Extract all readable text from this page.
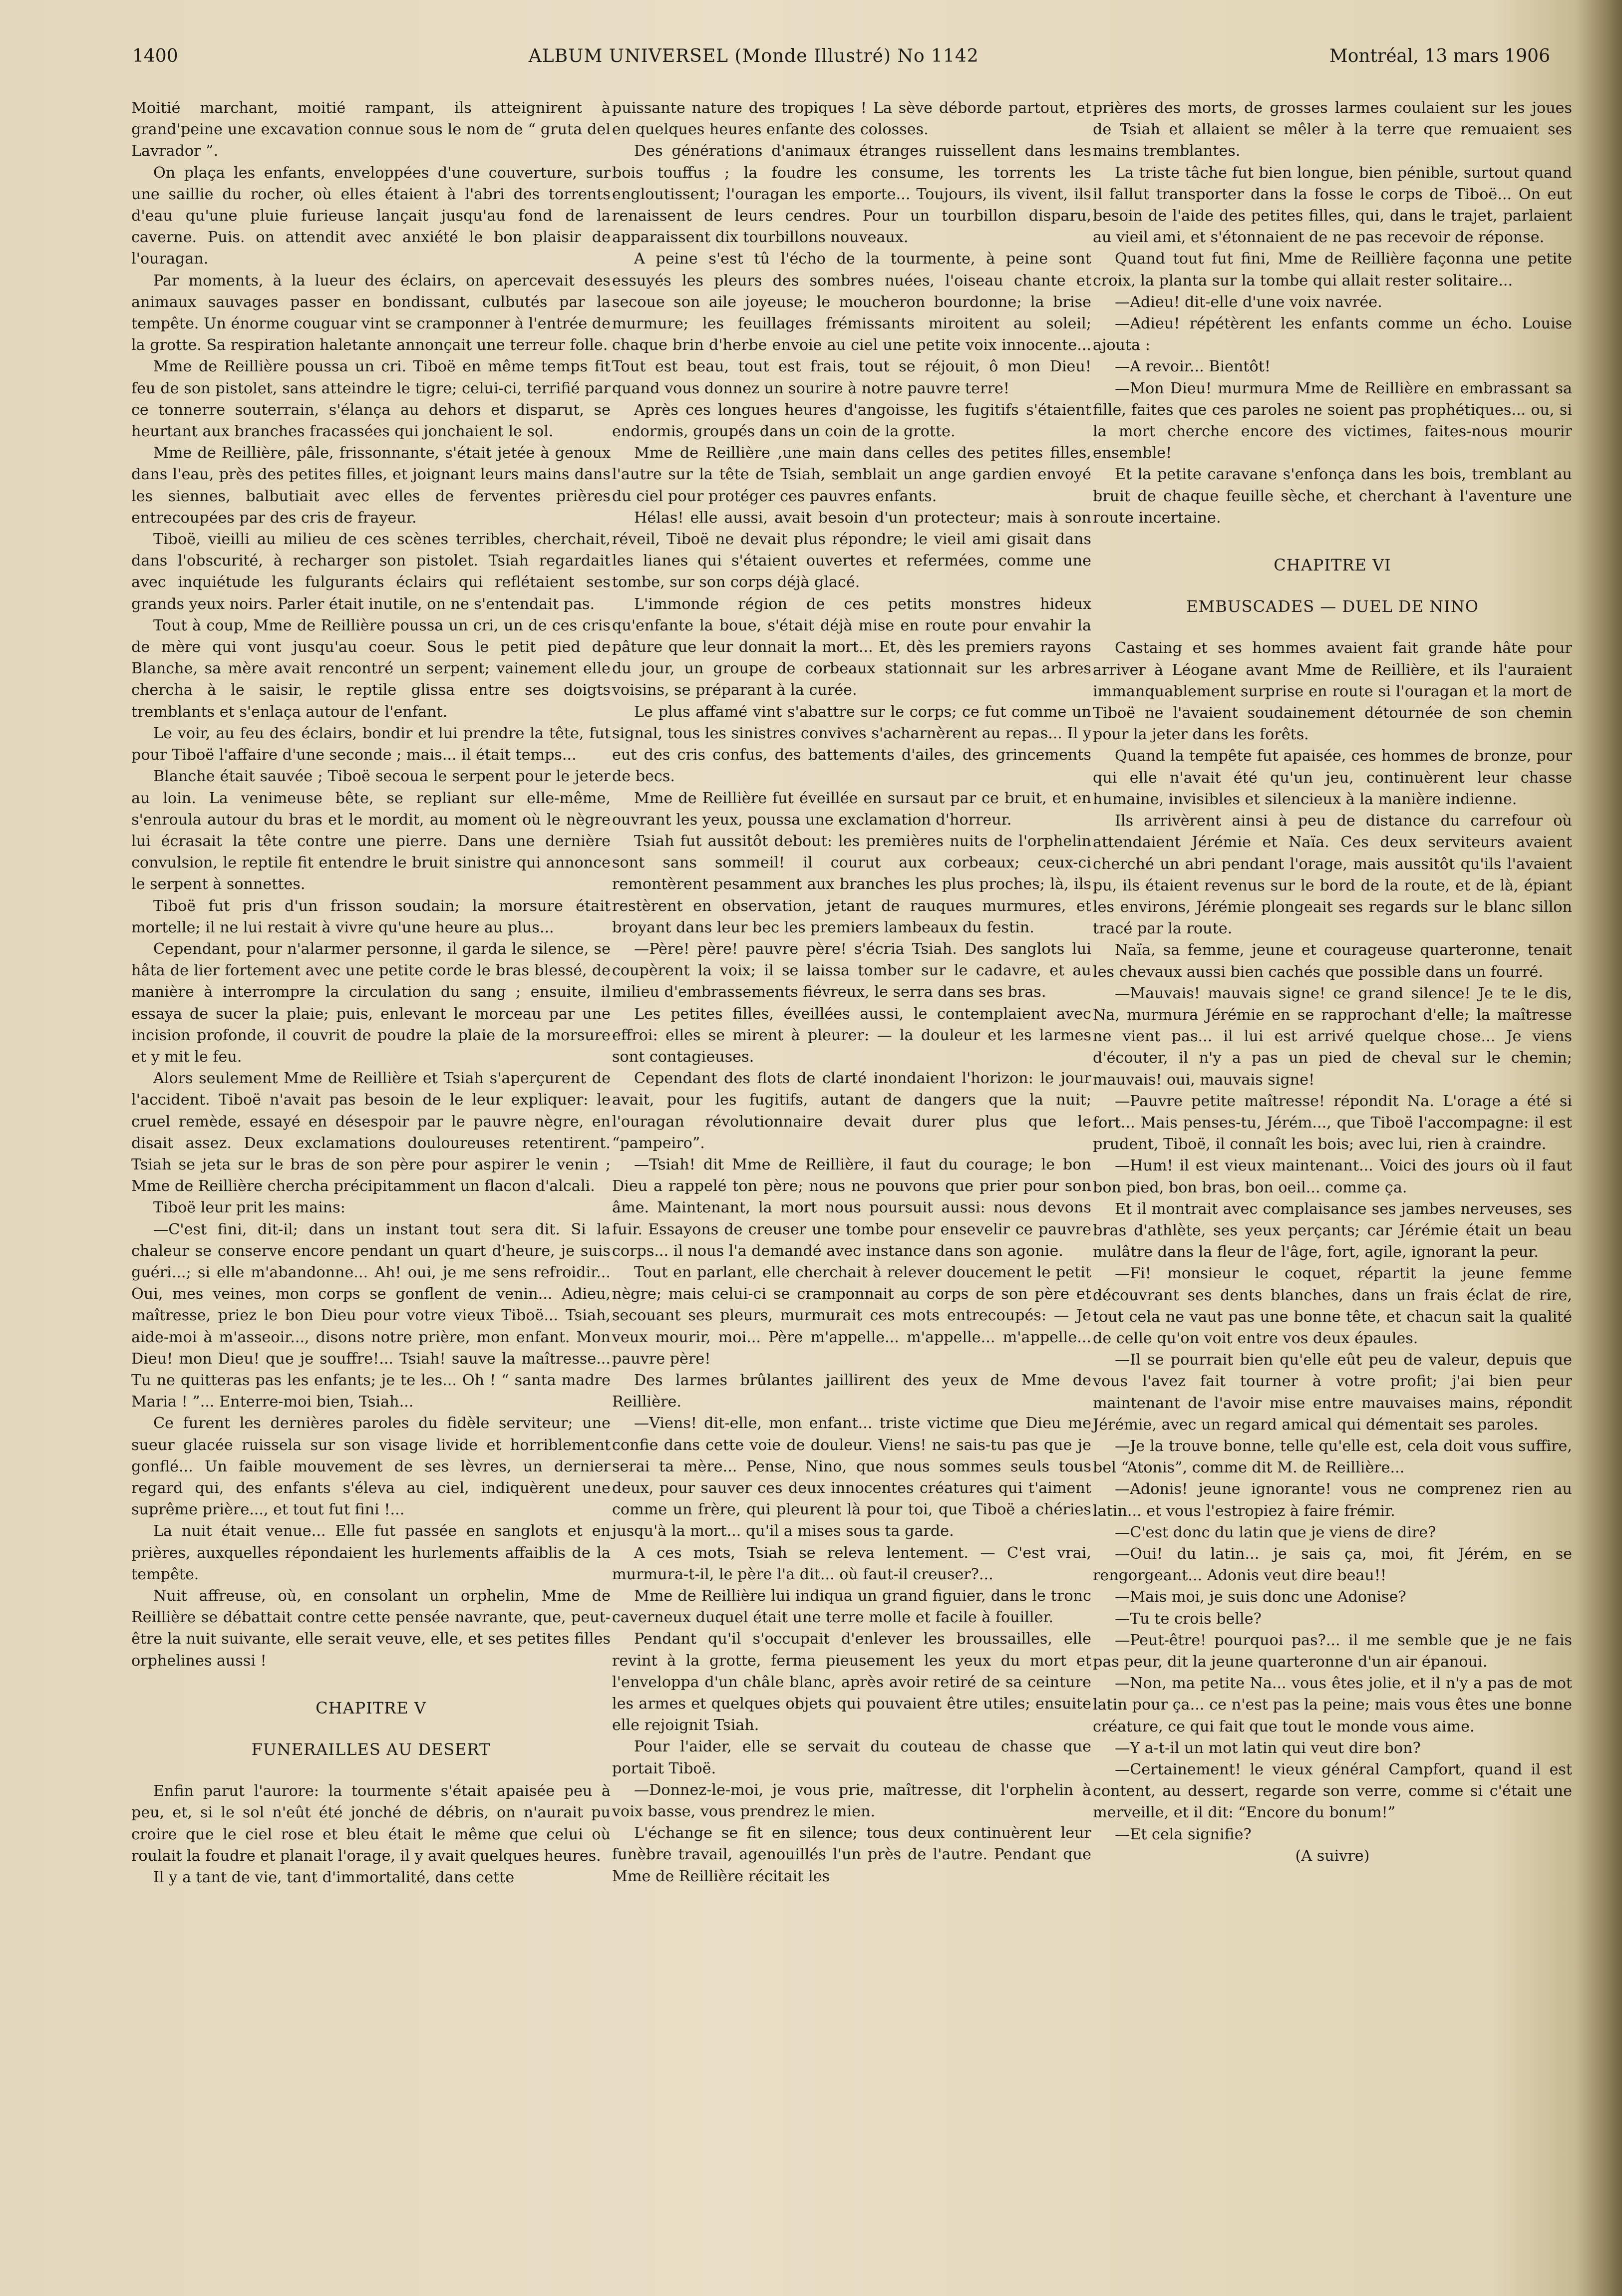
1400	ALBUM UNIVERSEL (Monde Illustré) No 1142	Montréal, 13 mars 1906

Moitié marchant, moitié rampant, ils atteignirent à grand'peine une excavation connue sous le nom de “ gruta del Lavrador ”.

On plaça les enfants, enveloppées d'une couverture, sur une saillie du rocher, où elles étaient à l'abri des torrents d'eau qu'une pluie furieuse lançait jusqu'au fond de la caverne. Puis. on attendit avec anxiété le bon plaisir de l'ouragan.

Par moments, à la lueur des éclairs, on apercevait des animaux sauvages passer en bondissant, culbutés par la tempête. Un énorme couguar vint se cramponner à l'entrée de la grotte. Sa respiration haletante annonçait une terreur folle.

Mme de Reillière poussa un cri. Tiboë en même temps fit feu de son pistolet, sans atteindre le tigre; celui-ci, terrifié par ce tonnerre souterrain, s'élança au dehors et disparut, se heurtant aux branches fracassées qui jonchaient le sol.

Mme de Reillière, pâle, frissonnante, s'était jetée à genoux dans l'eau, près des petites filles, et joignant leurs mains dans les siennes, balbutiait avec elles de ferventes prières entrecoupées par des cris de frayeur.

Tiboë, vieilli au milieu de ces scènes terribles, cherchait, dans l'obscurité, à recharger son pistolet. Tsiah regardait avec inquiétude les fulgurants éclairs qui reflétaient ses grands yeux noirs. Parler était inutile, on ne s'entendait pas.

Tout à coup, Mme de Reillière poussa un cri, un de ces cris de mère qui vont jusqu'au coeur. Sous le petit pied de Blanche, sa mère avait rencontré un serpent; vainement elle chercha à le saisir, le reptile glissa entre ses doigts tremblants et s'enlaça autour de l'enfant.

Le voir, au feu des éclairs, bondir et lui prendre la tête, fut pour Tiboë l'affaire d'une seconde ; mais... il était temps...

Blanche était sauvée ; Tiboë secoua le serpent pour le jeter au loin. La venimeuse bête, se repliant sur elle-même, s'enroula autour du bras et le mordit, au moment où le nègre lui écrasait la tête contre une pierre. Dans une dernière convulsion, le reptile fit entendre le bruit sinistre qui annonce le serpent à sonnettes.

Tiboë fut pris d'un frisson soudain; la morsure était mortelle; il ne lui restait à vivre qu'une heure au plus...

Cependant, pour n'alarmer personne, il garda le silence, se hâta de lier fortement avec une petite corde le bras blessé, de manière à interrompre la circulation du sang ; ensuite, il essaya de sucer la plaie; puis, enlevant le morceau par une incision profonde, il couvrit de poudre la plaie de la morsure et y mit le feu.

Alors seulement Mme de Reillière et Tsiah s'aperçurent de l'accident. Tiboë n'avait pas besoin de le leur expliquer: le cruel remède, essayé en désespoir par le pauvre nègre, en disait assez. Deux exclamations douloureuses retentirent. Tsiah se jeta sur le bras de son père pour aspirer le venin ; Mme de Reillière chercha précipitamment un flacon d'alcali.

Tiboë leur prit les mains:

—C'est fini, dit-il; dans un instant tout sera dit. Si la chaleur se conserve encore pendant un quart d'heure, je suis guéri...; si elle m'abandonne... Ah! oui, je me sens refroidir... Oui, mes veines, mon corps se gonflent de venin... Adieu, maîtresse, priez le bon Dieu pour votre vieux Tiboë... Tsiah, aide-moi à m'asseoir..., disons notre prière, mon enfant. Mon Dieu! mon Dieu! que je souffre!... Tsiah! sauve la maîtresse... Tu ne quitteras pas les enfants; je te les... Oh ! “ santa madre Maria ! ”... Enterre-moi bien, Tsiah...

Ce furent les dernières paroles du fidèle serviteur; une sueur glacée ruissela sur son visage livide et horriblement gonflé... Un faible mouvement de ses lèvres, un dernier regard qui, des enfants s'éleva au ciel, indiquèrent une suprême prière..., et tout fut fini !...

La nuit était venue... Elle fut passée en sanglots et en prières, auxquelles répondaient les hurlements affaiblis de la tempête.

Nuit affreuse, où, en consolant un orphelin, Mme de Reillière se débattait contre cette pensée navrante, que, peut-être la nuit suivante, elle serait veuve, elle, et ses petites filles orphelines aussi !

CHAPITRE V
FUNERAILLES AU DESERT

Enfin parut l'aurore: la tourmente s'était apaisée peu à peu, et, si le sol n'eût été jonché de débris, on n'aurait pu croire que le ciel rose et bleu était le même que celui où roulait la foudre et planait l'orage, il y avait quelques heures.

Il y a tant de vie, tant d'immortalité, dans cette

puissante nature des tropiques ! La sève déborde partout, et en quelques heures enfante des colosses.

Des générations d'animaux étranges ruissellent dans les bois touffus ; la foudre les consume, les torrents les engloutissent; l'ouragan les emporte... Toujours, ils vivent, ils renaissent de leurs cendres. Pour un tourbillon disparu, apparaissent dix tourbillons nouveaux.

A peine s'est tû l'écho de la tourmente, à peine sont essuyés les pleurs des sombres nuées, l'oiseau chante et secoue son aile joyeuse; le moucheron bourdonne; la brise murmure; les feuillages frémissants miroitent au soleil; chaque brin d'herbe envoie au ciel une petite voix innocente... Tout est beau, tout est frais, tout se réjouit, ô mon Dieu! quand vous donnez un sourire à notre pauvre terre!

Après ces longues heures d'angoisse, les fugitifs s'étaient endormis, groupés dans un coin de la grotte.

Mme de Reillière ,une main dans celles des petites filles, l'autre sur la tête de Tsiah, semblait un ange gardien envoyé du ciel pour protéger ces pauvres enfants.

Hélas! elle aussi, avait besoin d'un protecteur; mais à son réveil, Tiboë ne devait plus répondre; le vieil ami gisait dans les lianes qui s'étaient ouvertes et refermées, comme une tombe, sur son corps déjà glacé.

L'immonde région de ces petits monstres hideux qu'enfante la boue, s'était déjà mise en route pour envahir la pâture que leur donnait la mort... Et, dès les premiers rayons du jour, un groupe de corbeaux stationnait sur les arbres voisins, se préparant à la curée.

Le plus affamé vint s'abattre sur le corps; ce fut comme un signal, tous les sinistres convives s'acharnèrent au repas... Il y eut des cris confus, des battements d'ailes, des grincements de becs.

Mme de Reillière fut éveillée en sursaut par ce bruit, et en ouvrant les yeux, poussa une exclamation d'horreur.

Tsiah fut aussitôt debout: les premières nuits de l'orphelin sont sans sommeil! il courut aux corbeaux; ceux-ci remontèrent pesamment aux branches les plus proches; là, ils restèrent en observation, jetant de rauques murmures, et broyant dans leur bec les premiers lambeaux du festin.

—Père! père! pauvre père! s'écria Tsiah. Des sanglots lui coupèrent la voix; il se laissa tomber sur le cadavre, et au milieu d'embrassements fiévreux, le serra dans ses bras.

Les petites filles, éveillées aussi, le contemplaient avec effroi: elles se mirent à pleurer: — la douleur et les larmes sont contagieuses.

Cependant des flots de clarté inondaient l'horizon: le jour avait, pour les fugitifs, autant de dangers que la nuit; l'ouragan révolutionnaire devait durer plus que le “pampeiro”.

—Tsiah! dit Mme de Reillière, il faut du courage; le bon Dieu a rappelé ton père; nous ne pouvons que prier pour son âme. Maintenant, la mort nous poursuit aussi: nous devons fuir. Essayons de creuser une tombe pour ensevelir ce pauvre corps... il nous l'a demandé avec instance dans son agonie.

Tout en parlant, elle cherchait à relever doucement le petit nègre; mais celui-ci se cramponnait au corps de son père et secouant ses pleurs, murmurait ces mots entrecoupés: — Je veux mourir, moi... Père m'appelle... m'appelle... m'appelle... pauvre père!

Des larmes brûlantes jaillirent des yeux de Mme de Reillière.

—Viens! dit-elle, mon enfant... triste victime que Dieu me confie dans cette voie de douleur. Viens! ne sais-tu pas que je serai ta mère... Pense, Nino, que nous sommes seuls tous deux, pour sauver ces deux innocentes créatures qui t'aiment comme un frère, qui pleurent là pour toi, que Tiboë a chéries jusqu'à la mort... qu'il a mises sous ta garde.

A ces mots, Tsiah se releva lentement. — C'est vrai, murmura-t-il, le père l'a dit... où faut-il creuser?...

Mme de Reillière lui indiqua un grand figuier, dans le tronc caverneux duquel était une terre molle et facile à fouiller.

Pendant qu'il s'occupait d'enlever les broussailles, elle revint à la grotte, ferma pieusement les yeux du mort et l'enveloppa d'un châle blanc, après avoir retiré de sa ceinture les armes et quelques objets qui pouvaient être utiles; ensuite elle rejoignit Tsiah.

Pour l'aider, elle se servait du couteau de chasse que portait Tiboë.

—Donnez-le-moi, je vous prie, maîtresse, dit l'orphelin à voix basse, vous prendrez le mien.

L'échange se fit en silence; tous deux continuèrent leur funèbre travail, agenouillés l'un près de l'autre. Pendant que Mme de Reillière récitait les

prières des morts, de grosses larmes coulaient sur les joues de Tsiah et allaient se mêler à la terre que remuaient ses mains tremblantes.

La triste tâche fut bien longue, bien pénible, surtout quand il fallut transporter dans la fosse le corps de Tiboë... On eut besoin de l'aide des petites filles, qui, dans le trajet, parlaient au vieil ami, et s'étonnaient de ne pas recevoir de réponse.

Quand tout fut fini, Mme de Reillière façonna une petite croix, la planta sur la tombe qui allait rester solitaire...

—Adieu! dit-elle d'une voix navrée.

—Adieu! répétèrent les enfants comme un écho. Louise ajouta :

—A revoir... Bientôt!

—Mon Dieu! murmura Mme de Reillière en embrassant sa fille, faites que ces paroles ne soient pas prophétiques... ou, si la mort cherche encore des victimes, faites-nous mourir ensemble!

Et la petite caravane s'enfonça dans les bois, tremblant au bruit de chaque feuille sèche, et cherchant à l'aventure une route incertaine.

CHAPITRE VI
EMBUSCADES — DUEL DE NINO

Castaing et ses hommes avaient fait grande hâte pour arriver à Léogane avant Mme de Reillière, et ils l'auraient immanquablement surprise en route si l'ouragan et la mort de Tiboë ne l'avaient soudainement détournée de son chemin pour la jeter dans les forêts.

Quand la tempête fut apaisée, ces hommes de bronze, pour qui elle n'avait été qu'un jeu, continuèrent leur chasse humaine, invisibles et silencieux à la manière indienne.

Ils arrivèrent ainsi à peu de distance du carrefour où attendaient Jérémie et Naïa. Ces deux serviteurs avaient cherché un abri pendant l'orage, mais aussitôt qu'ils l'avaient pu, ils étaient revenus sur le bord de la route, et de là, épiant les environs, Jérémie plongeait ses regards sur le blanc sillon tracé par la route.

Naïa, sa femme, jeune et courageuse quarteronne, tenait les chevaux aussi bien cachés que possible dans un fourré.

—Mauvais! mauvais signe! ce grand silence! Je te le dis, Na, murmura Jérémie en se rapprochant d'elle; la maîtresse ne vient pas... il lui est arrivé quelque chose... Je viens d'écouter, il n'y a pas un pied de cheval sur le chemin; mauvais! oui, mauvais signe!

—Pauvre petite maîtresse! répondit Na. L'orage a été si fort... Mais penses-tu, Jérém..., que Tiboë l'accompagne: il est prudent, Tiboë, il connaît les bois; avec lui, rien à craindre.

—Hum! il est vieux maintenant... Voici des jours où il faut bon pied, bon bras, bon oeil... comme ça.

Et il montrait avec complaisance ses jambes nerveuses, ses bras d'athlète, ses yeux perçants; car Jérémie était un beau mulâtre dans la fleur de l'âge, fort, agile, ignorant la peur.

—Fi! monsieur le coquet, répartit la jeune femme découvrant ses dents blanches, dans un frais éclat de rire, tout cela ne vaut pas une bonne tête, et chacun sait la qualité de celle qu'on voit entre vos deux épaules.

—Il se pourrait bien qu'elle eût peu de valeur, depuis que vous l'avez fait tourner à votre profit; j'ai bien peur maintenant de l'avoir mise entre mauvaises mains, répondit Jérémie, avec un regard amical qui démentait ses paroles.

—Je la trouve bonne, telle qu'elle est, cela doit vous suffire, bel “Atonis”, comme dit M. de Reillière...

—Adonis! jeune ignorante! vous ne comprenez rien au latin... et vous l'estropiez à faire frémir.

—C'est donc du latin que je viens de dire?

—Oui! du latin... je sais ça, moi, fit Jérém, en se rengorgeant... Adonis veut dire beau!!

—Mais moi, je suis donc une Adonise?

—Tu te crois belle?

—Peut-être! pourquoi pas?... il me semble que je ne fais pas peur, dit la jeune quarteronne d'un air épanoui.

—Non, ma petite Na... vous êtes jolie, et il n'y a pas de mot latin pour ça... ce n'est pas la peine; mais vous êtes une bonne créature, ce qui fait que tout le monde vous aime.

—Y a-t-il un mot latin qui veut dire bon?

—Certainement! le vieux général Campfort, quand il est content, au dessert, regarde son verre, comme si c'était une merveille, et il dit: “Encore du bonum!”

—Et cela signifie?

(A suivre)
